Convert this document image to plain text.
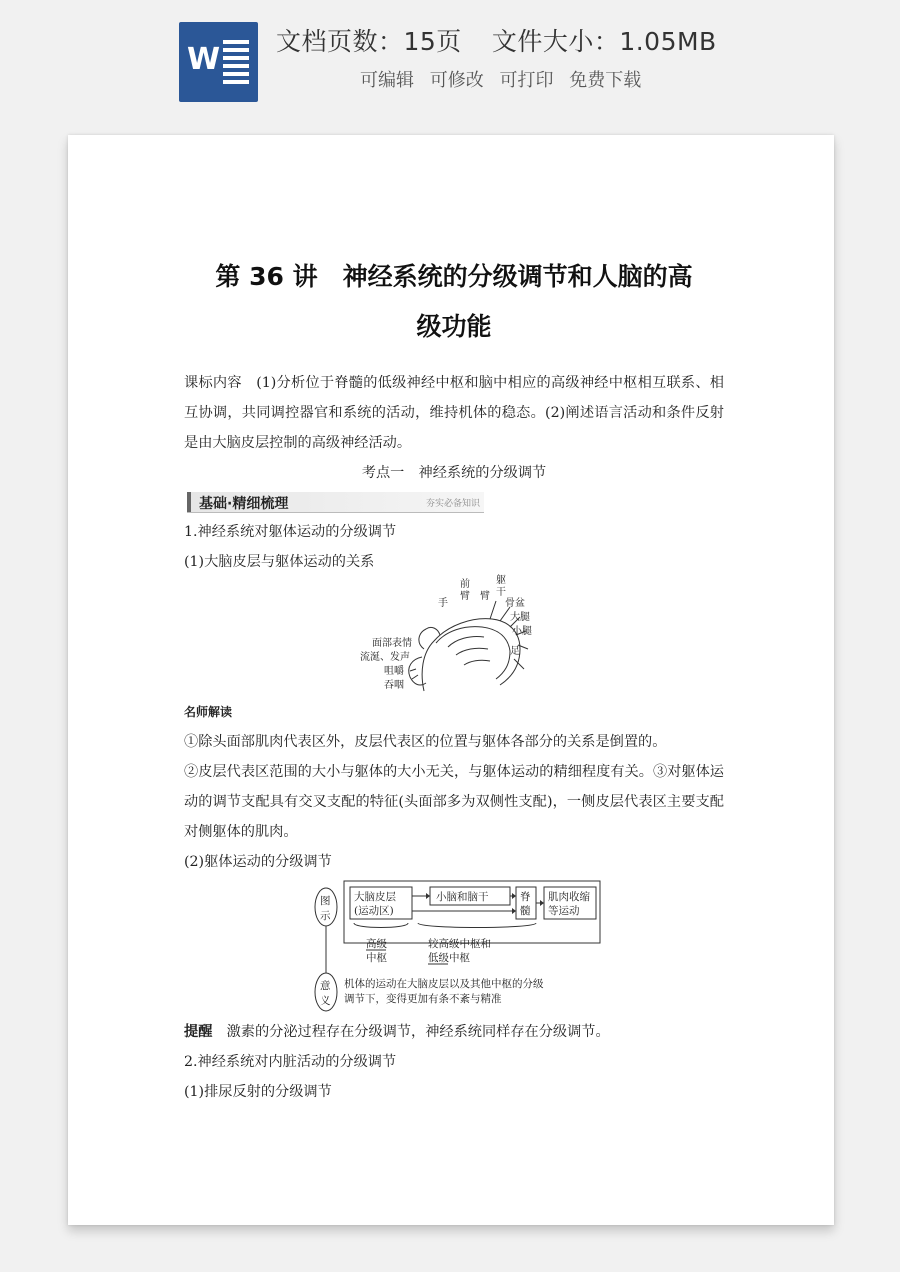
W
文档页数：15页 文件大小：1.05MB
可编辑 可修改 可打印 免费下载
第 36 讲　神经系统的分级调节和人脑的高
级功能
课标内容　(1)分析位于脊髓的低级神经中枢和脑中相应的高级神经中枢相互联系、相互协调，共同调控器官和系统的活动，维持机体的稳态。(2)阐述语言活动和条件反射是由大脑皮层控制的高级神经活动。
考点一　神经系统的分级调节
基础·精细梳理	夯实必备知识
1.神经系统对躯体运动的分级调节
(1)大脑皮层与躯体运动的关系
手
前
臂 臂
躯
干
骨盆
大腿
小腿
足
面部表情
流涎、发声
咀嚼
吞咽
名师解读
①除头面部肌肉代表区外，皮层代表区的位置与躯体各部分的关系是倒置的。
②皮层代表区范围的大小与躯体的大小无关，与躯体运动的精细程度有关。③对躯体运动的调节支配具有交叉支配的特征(头面部多为双侧性支配)，一侧皮层代表区主要支配对侧躯体的肌肉。
(2)躯体运动的分级调节
图
示
大脑皮层
(运动区)
小脑和脑干	脊
髓
肌肉收缩
等运动
高级
中枢
较高级中枢和
低级中枢
意
义
机体的运动在大脑皮层以及其他中枢的分级
调节下，变得更加有条不紊与精准
提醒　激素的分泌过程存在分级调节，神经系统同样存在分级调节。
2.神经系统对内脏活动的分级调节
(1)排尿反射的分级调节
